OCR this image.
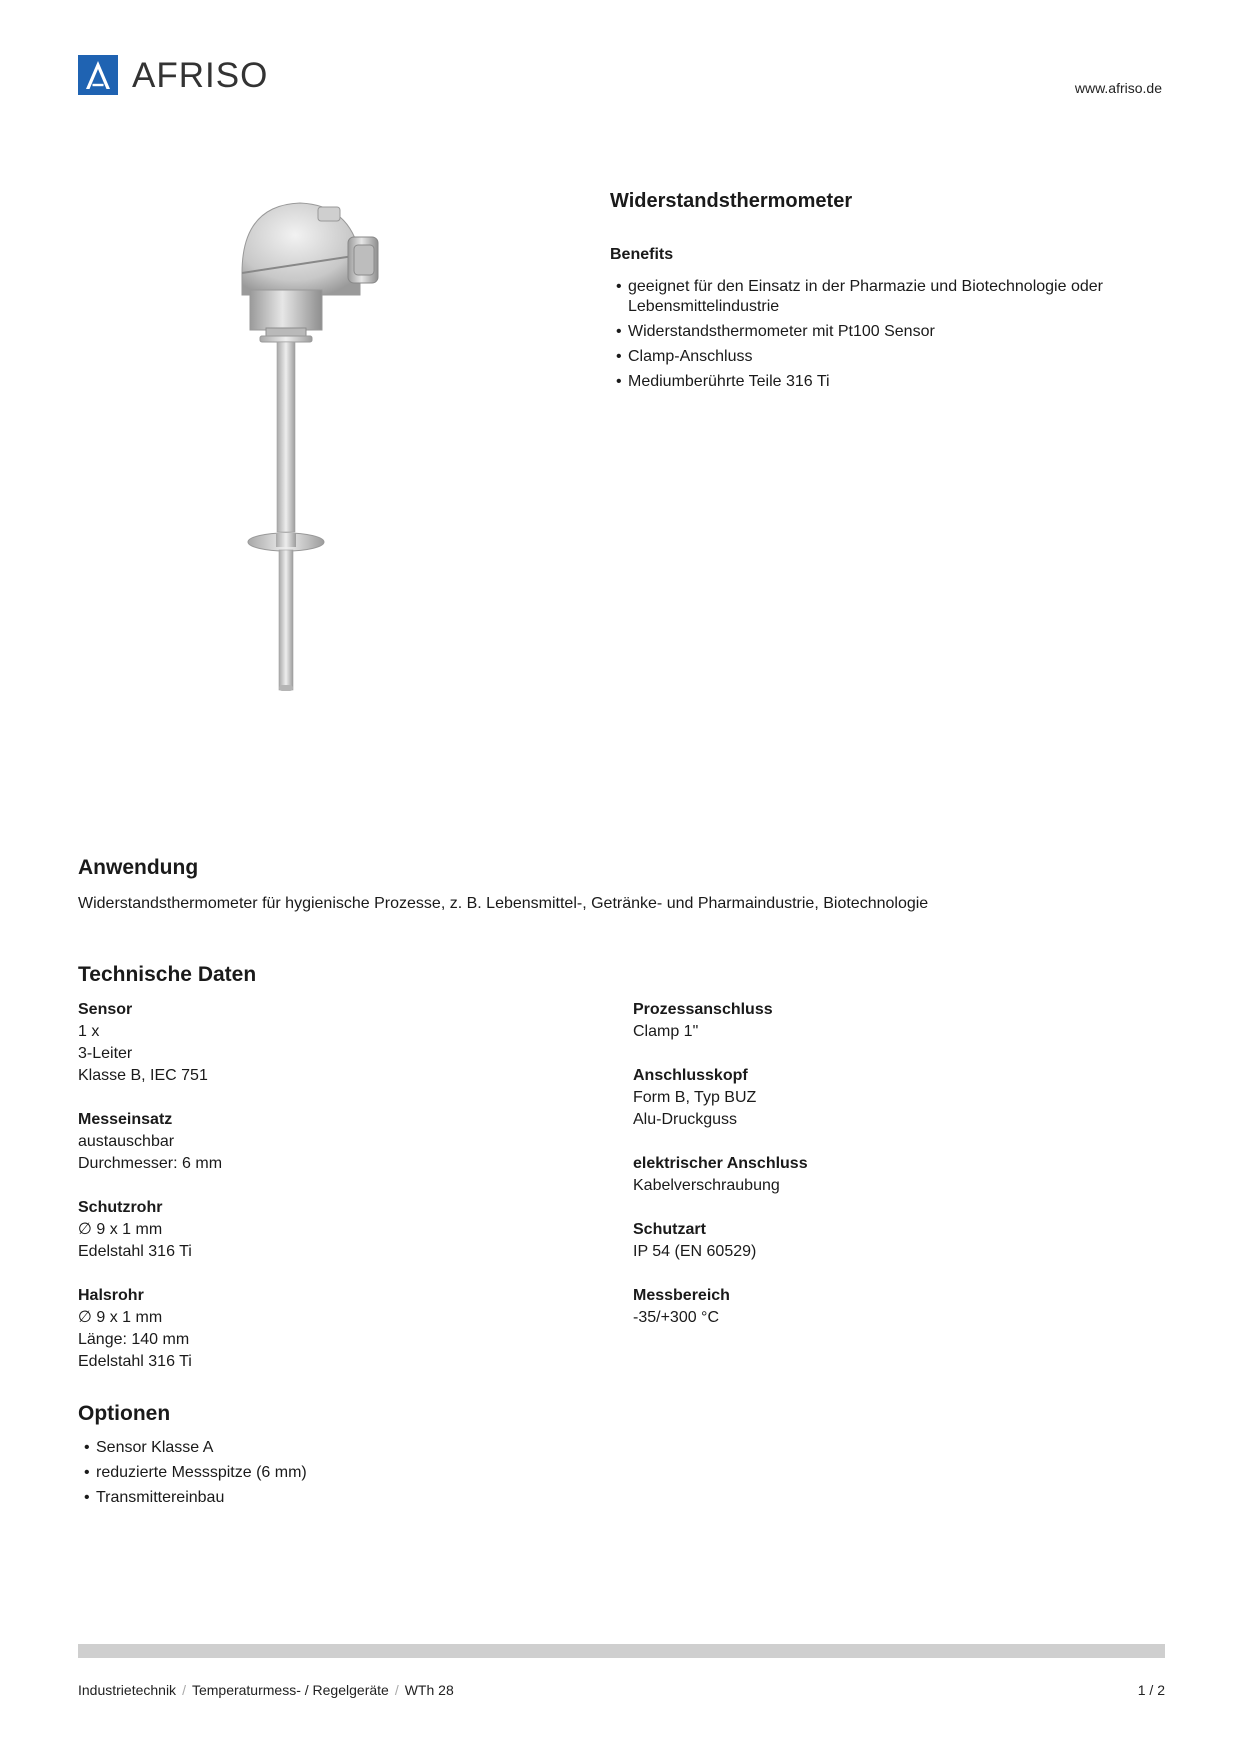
AFRISO	www.afriso.de
Widerstandsthermometer
Benefits
• geeignet für den Einsatz in der Pharmazie und Biotechnologie oder Lebensmittelindustrie
• Widerstandsthermometer mit Pt100 Sensor
• Clamp-Anschluss
• Mediumberührte Teile 316 Ti
Anwendung
Widerstandsthermometer für hygienische Prozesse, z. B. Lebensmittel-, Getränke- und Pharmaindustrie, Biotechnologie
Technische Daten
Sensor
1 x
3-Leiter
Klasse B, IEC 751
Messeinsatz
austauschbar
Durchmesser: 6 mm
Schutzrohr
∅ 9 x 1 mm
Edelstahl 316 Ti
Halsrohr
∅ 9 x 1 mm
Länge: 140 mm
Edelstahl 316 Ti
Prozessanschluss
Clamp 1"
Anschlusskopf
Form B, Typ BUZ
Alu-Druckguss
elektrischer Anschluss
Kabelverschraubung
Schutzart
IP 54 (EN 60529)
Messbereich
-35/+300 °C
Optionen
• Sensor Klasse A
• reduzierte Messspitze (6 mm)
• Transmittereinbau
Industrietechnik / Temperaturmess- / Regelgeräte / WTh 28	1 / 2
